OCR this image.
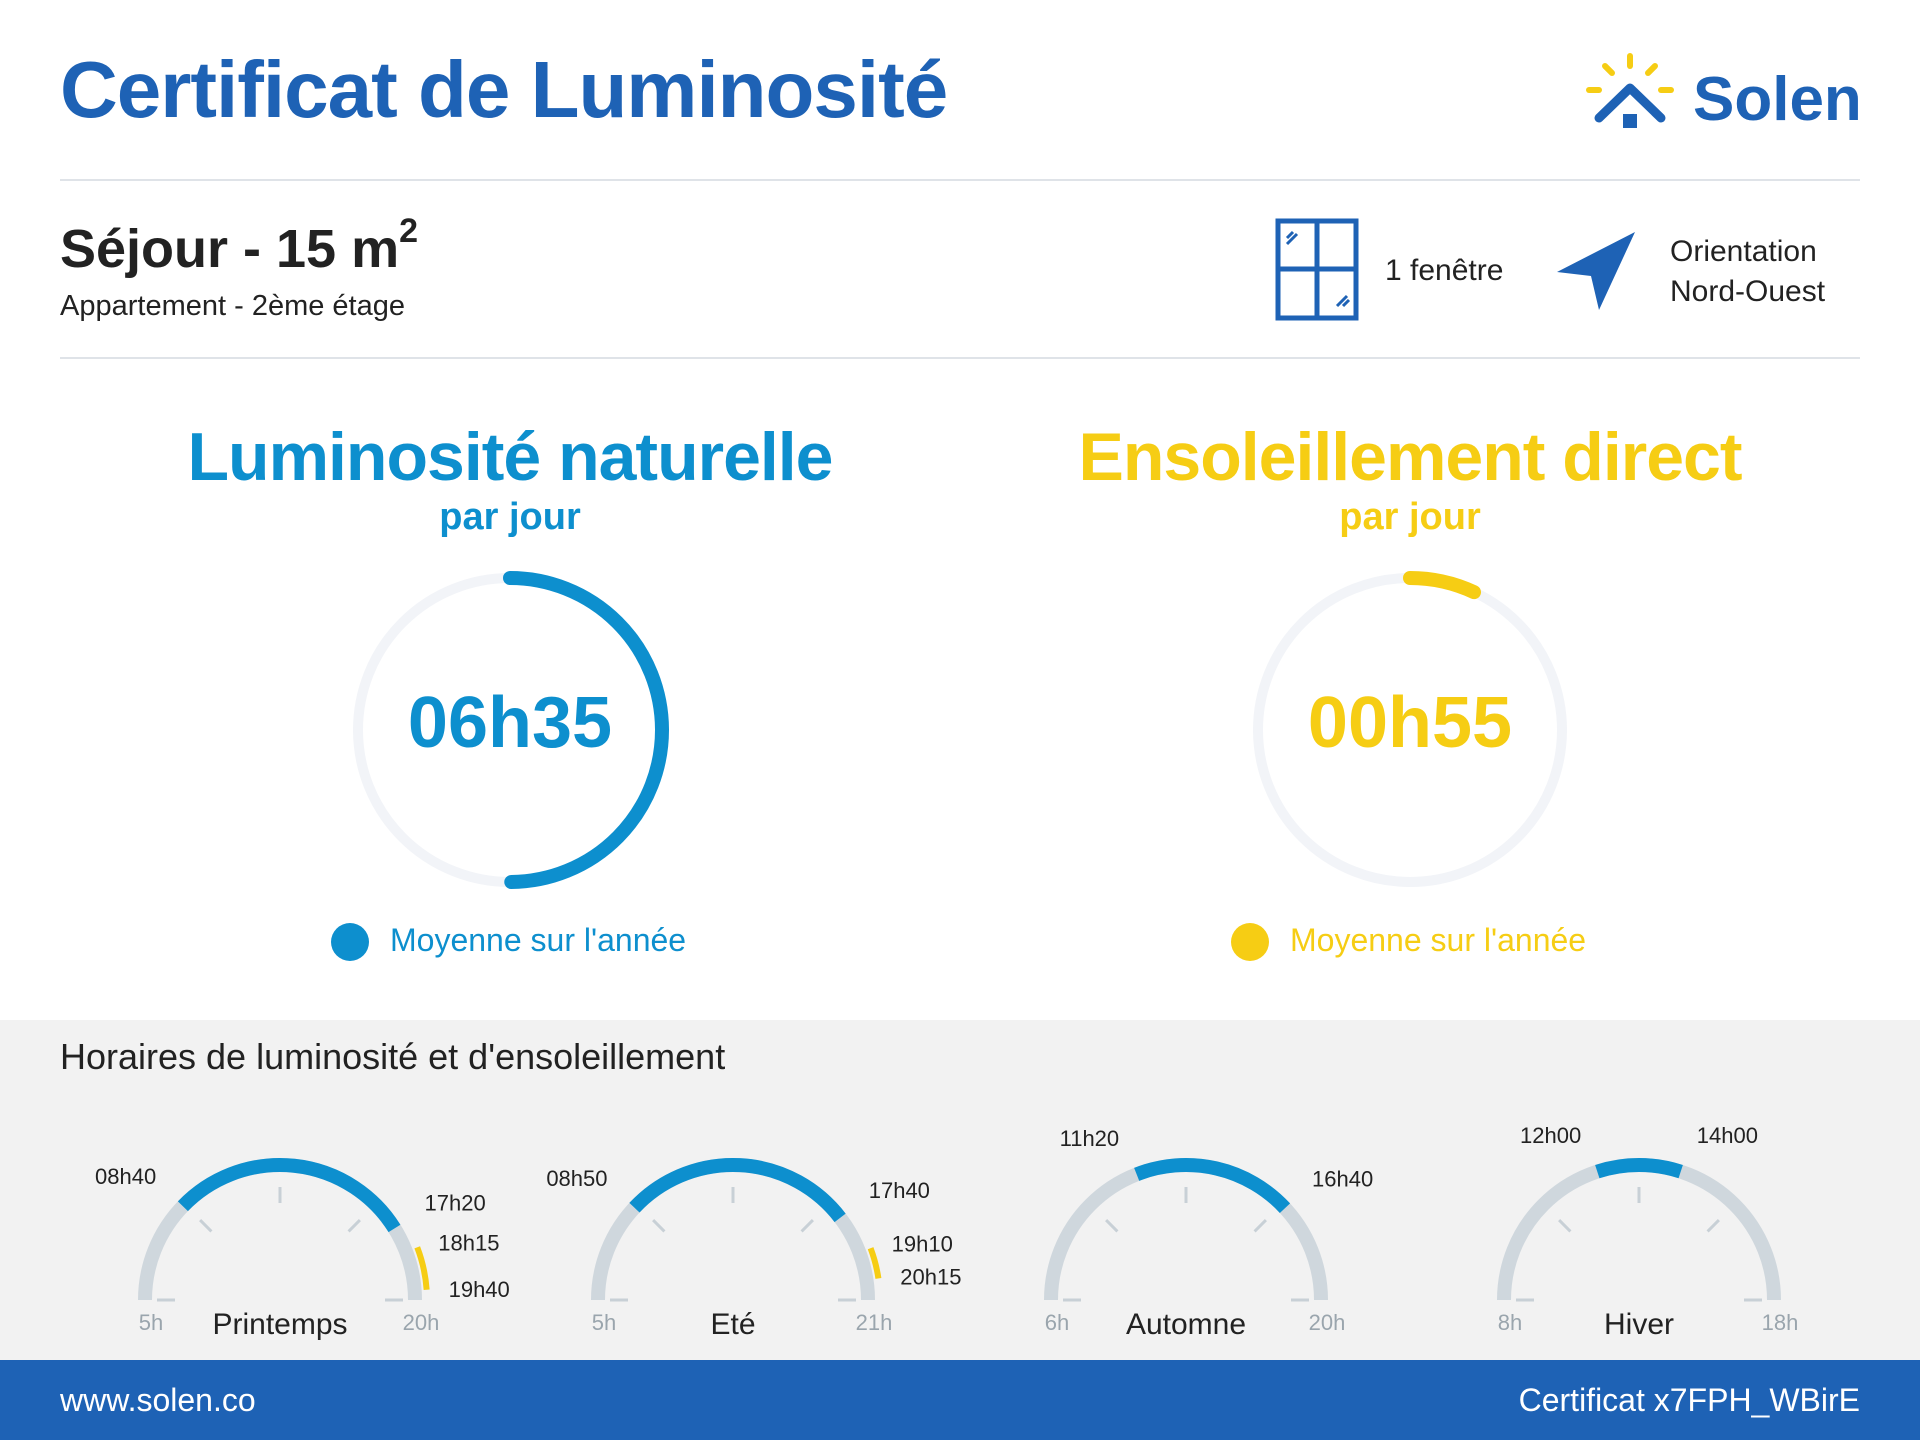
Certificat de Luminosité	Solen
Séjour - 15 $m^2$
Appartement - 2ème étage
1 fenêtre
Orientation
Nord-Ouest
Luminosité naturelle
par jour
06h35
Moyenne sur l'année
Ensoleillement direct
par jour
00h55
Moyenne sur l'année
Horaires de luminosité et d'ensoleillement
08h40
17h20
18h15
19h40
5h	20h
Printemps
08h50	17h40
19h10
20h15
5h	21h
Eté
11h20
16h40
6h	20h
Automne
12h00	14h00
8h	18h
Hiver
www.solen.co	Certificat x7FPH_WBirE
